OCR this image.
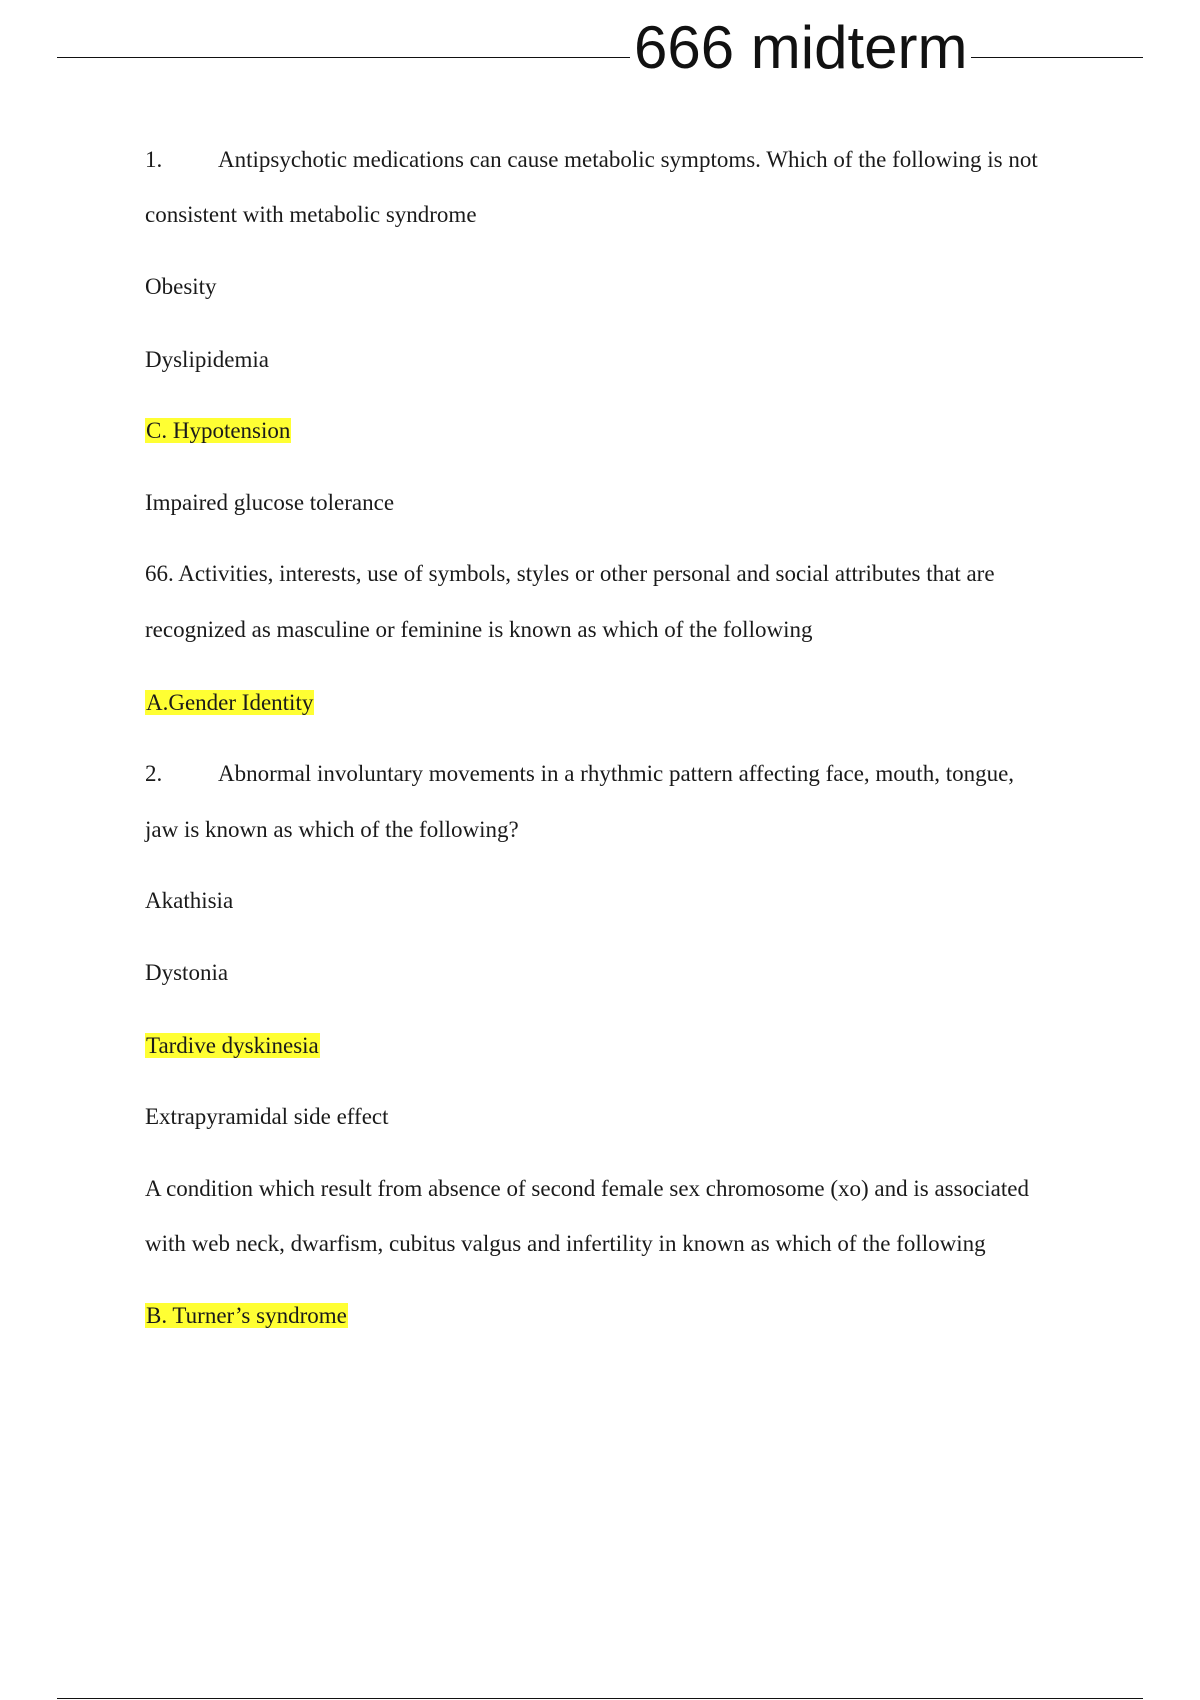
666 midterm
1. Antipsychotic medications can cause metabolic symptoms. Which of the following is not
consistent with metabolic syndrome
Obesity
Dyslipidemia
C. Hypotension
Impaired glucose tolerance
66. Activities, interests, use of symbols, styles or other personal and social attributes that are
recognized as masculine or feminine is known as which of the following
A.Gender Identity
2. Abnormal involuntary movements in a rhythmic pattern affecting face, mouth, tongue,
jaw is known as which of the following?
Akathisia
Dystonia
Tardive dyskinesia
Extrapyramidal side effect
A condition which result from absence of second female sex chromosome (xo) and is associated
with web neck, dwarfism, cubitus valgus and infertility in known as which of the following
B. Turner’s syndrome
